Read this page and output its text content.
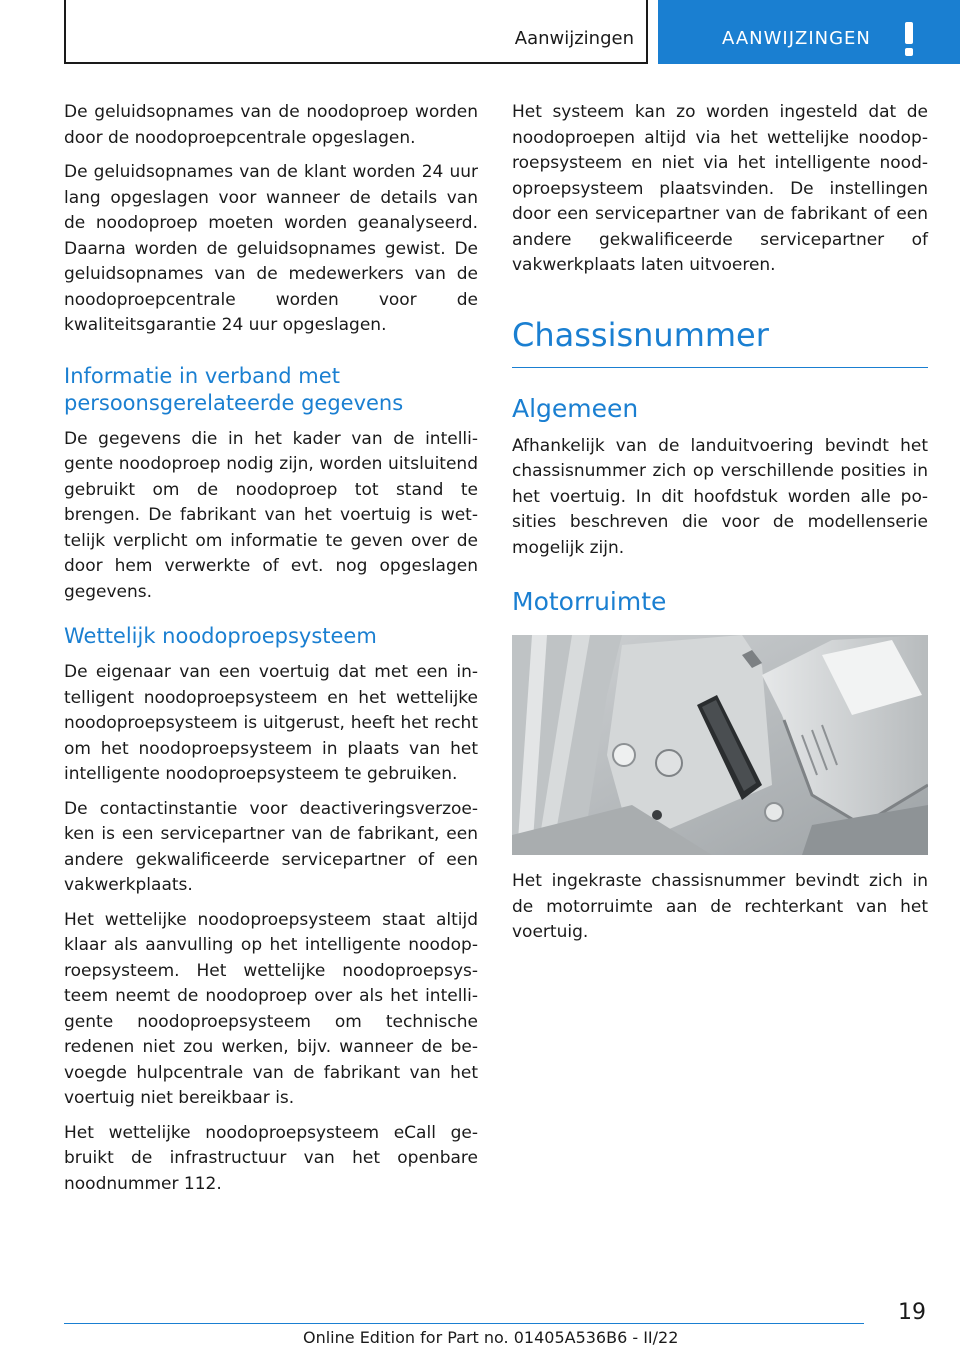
Aanwijzingen	AANWIJZINGEN

De geluidsopnames van de noodoproep worden door de noodoproepcentrale opgeslagen.

De geluidsopnames van de klant worden 24 uur lang opgeslagen voor wanneer de details van de noodoproep moeten worden geanalyseerd. Daarna worden de geluidsopnames gewist. De geluidsopnames van de medewerkers van de noodoproepcentrale worden voor de kwaliteitsgarantie 24 uur opgeslagen.

Informatie in verband met persoonsgerelateerde gegevens

De gegevens die in het kader van de intelligente noodoproep nodig zijn, worden uitsluitend gebruikt om de noodoproep tot stand te brengen. De fabrikant van het voertuig is wettelijk verplicht om informatie te geven over de door hem verwerkte of evt. nog opgeslagen gegevens.

Wettelijk noodoproepsysteem

De eigenaar van een voertuig dat met een intelligent noodoproepsysteem en het wettelijke noodoproepsysteem is uitgerust, heeft het recht om het noodoproepsysteem in plaats van het intelligente noodoproepsysteem te gebruiken.

De contactinstantie voor deactiveringsverzoeken is een servicepartner van de fabrikant, een andere gekwalificeerde servicepartner of een vakwerkplaats.

Het wettelijke noodoproepsysteem staat altijd klaar als aanvulling op het intelligente noodoproepsysteem. Het wettelijke noodoproepsysteem neemt de noodoproep over als het intelligente noodoproepsysteem om technische redenen niet zou werken, bijv. wanneer de bevoegde hulpcentrale van de fabrikant van het voertuig niet bereikbaar is.

Het wettelijke noodoproepsysteem eCall gebruikt de infrastructuur van het openbare noodnummer 112.

Het systeem kan zo worden ingesteld dat de noodoproepen altijd via het wettelijke noodoproepsysteem en niet via het intelligente noodoproepsysteem plaatsvinden. De instellingen door een servicepartner van de fabrikant of een andere gekwalificeerde servicepartner of vakwerkplaats laten uitvoeren.

Chassisnummer
Algemeen

Afhankelijk van de landuitvoering bevindt het chassisnummer zich op verschillende posities in het voertuig. In dit hoofdstuk worden alle posities beschreven die voor de modellenserie mogelijk zijn.

Motorruimte

Het ingekraste chassisnummer bevindt zich in de motorruimte aan de rechterkant van het voertuig.

19
Online Edition for Part no. 01405A536B6 - II/22
